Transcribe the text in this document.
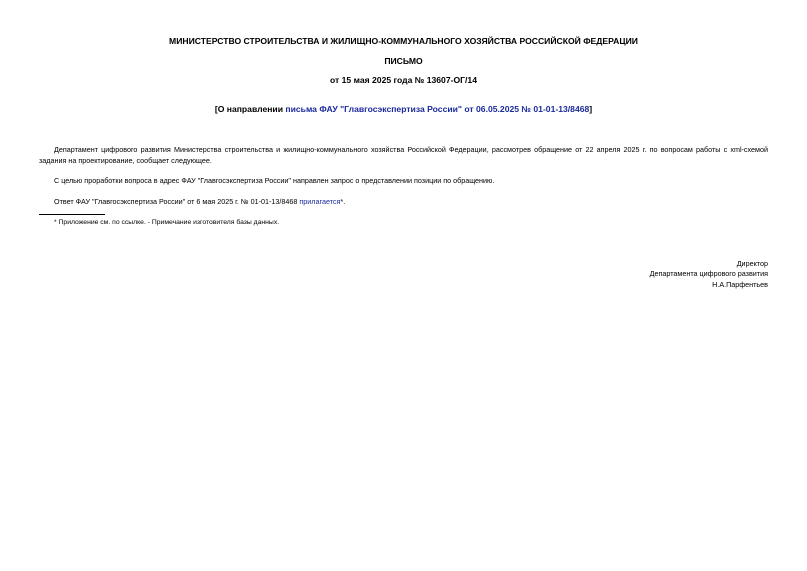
МИНИСТЕРСТВО СТРОИТЕЛЬСТВА И ЖИЛИЩНО-КОММУНАЛЬНОГО ХОЗЯЙСТВА РОССИЙСКОЙ ФЕДЕРАЦИИ
ПИСЬМО
от 15 мая 2025 года № 13607-ОГ/14
[О направлении письма ФАУ "Главгосэкспертиза России" от 06.05.2025 № 01-01-13/8468]

Департамент цифрового развития Министерства строительства и жилищно-коммунального хозяйства Российской Федерации, рассмотрев обращение от 22 апреля 2025 г. по вопросам работы с xml-схемой задания на проектирование, сообщает следующее.

С целью проработки вопроса в адрес ФАУ "Главгосэкспертиза России" направлен запрос о представлении позиции по обращению.

Ответ ФАУ "Главгосэкспертиза России" от 6 мая 2025 г. № 01-01-13/8468 прилагается*.

* Приложение см. по ссылке. - Примечание изготовителя базы данных.
Директор
Департамента цифрового развития
Н.А.Парфентьев
